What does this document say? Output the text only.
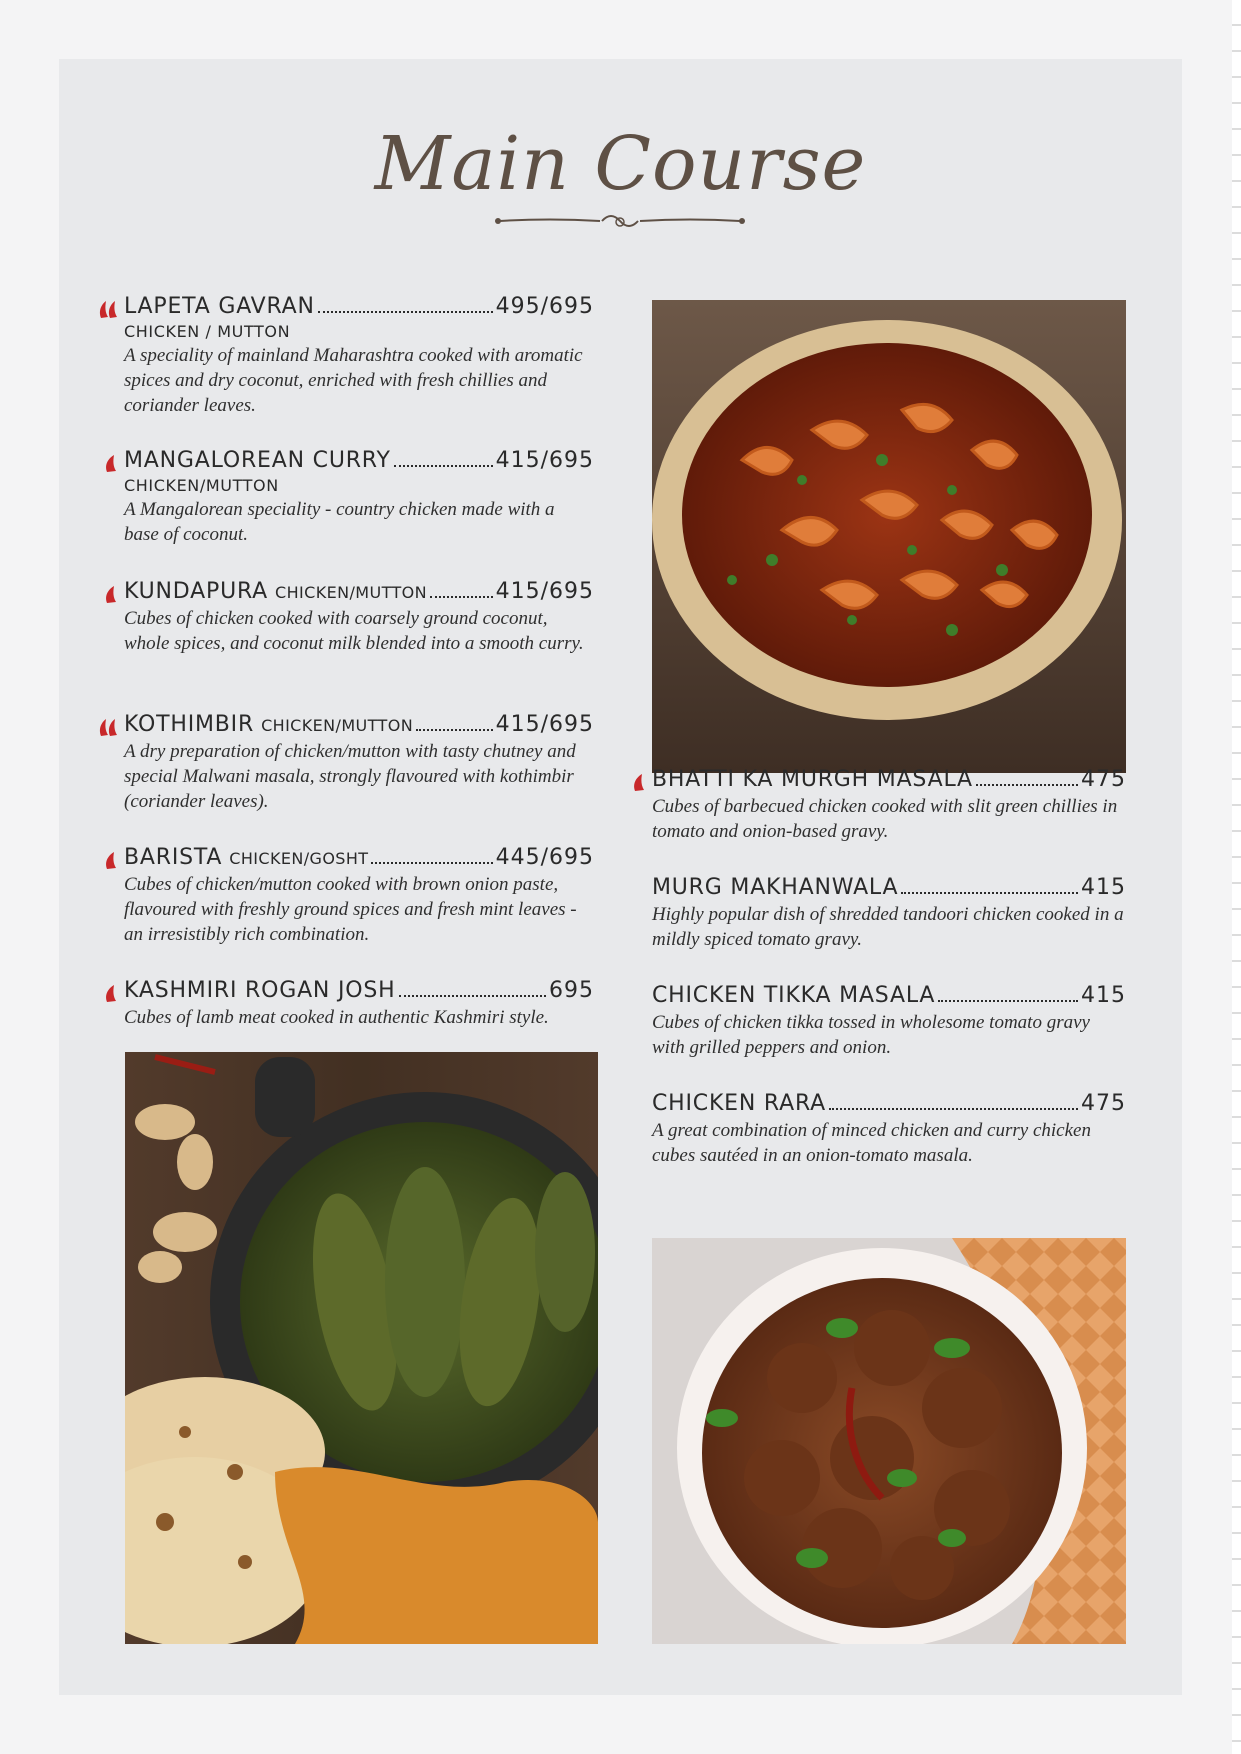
Main Course
LAPETA GAVRAN	495/695
CHICKEN / MUTTON
A speciality of mainland Maharashtra cooked with aromatic spices and dry coconut, enriched with fresh chillies and coriander leaves.
MANGALOREAN CURRY	415/695
CHICKEN/MUTTON
A Mangalorean speciality - country chicken made with a base of coconut.
KUNDAPURA CHICKEN/MUTTON	415/695
Cubes of chicken cooked with coarsely ground coconut, whole spices, and coconut milk blended into a smooth curry.
KOTHIMBIR CHICKEN/MUTTON	415/695
A dry preparation of chicken/mutton with tasty chutney and special Malwani masala, strongly flavoured with kothimbir (coriander leaves).
BARISTA CHICKEN/GOSHT	445/695
Cubes of chicken/mutton cooked with brown onion paste, flavoured with freshly ground spices and fresh mint leaves - an irresistibly rich combination.
KASHMIRI ROGAN JOSH	695
Cubes of lamb meat cooked in authentic Kashmiri style.
BHATTI KA MURGH MASALA	475
Cubes of barbecued chicken cooked with slit green chillies in tomato and onion-based gravy.
MURG MAKHANWALA	415
Highly popular dish of shredded tandoori chicken cooked in a mildly spiced tomato gravy.
CHICKEN TIKKA MASALA	415
Cubes of chicken tikka tossed in wholesome tomato gravy with grilled peppers and onion.
CHICKEN RARA	475
A great combination of minced chicken and curry chicken cubes sautéed in an onion-tomato masala.
